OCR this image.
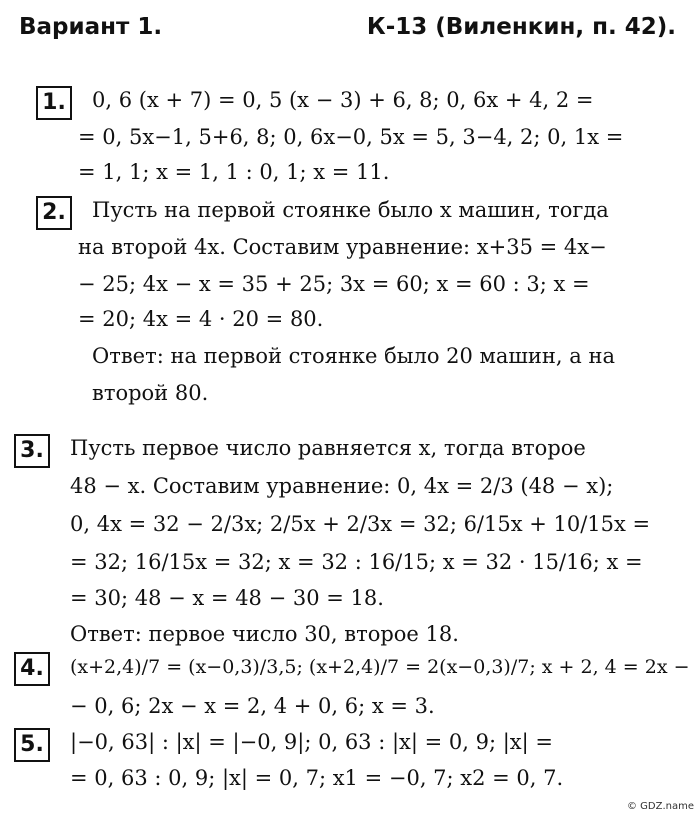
Вариант 1.	К-13 (Виленкин, п. 42).
1. 0, 6 (x + 7) = 0, 5 (x − 3) + 6, 8; 0, 6x + 4, 2 =
= 0, 5x−1, 5+6, 8; 0, 6x−0, 5x = 5, 3−4, 2; 0, 1x =
= 1, 1; x = 1, 1 : 0, 1; x = 11.
2. Пусть на первой стоянке было x машин, тогда
на второй 4x. Составим уравнение: x+35 = 4x−
− 25; 4x − x = 35 + 25; 3x = 60; x = 60 : 3; x =
= 20; 4x = 4 · 20 = 80.
Ответ: на первой стоянке было 20 машин, а на
второй 80.
3. Пусть первое число равняется x, тогда второе
48 − x. Составим уравнение: 0, 4x = 2/3 (48 − x);
0, 4x = 32 − 2/3x; 2/5x + 2/3x = 32; 6/15x + 10/15x =
= 32; 16/15x = 32; x = 32 : 16/15; x = 32 · 15/16; x =
= 30; 48 − x = 48 − 30 = 18.
Ответ: первое число 30, второе 18.
4.	(x+2,4)/7 = (x−0,3)/3,5; (x+2,4)/7 = 2(x−0,3)/7; x + 2, 4 = 2x −
− 0, 6; 2x − x = 2, 4 + 0, 6; x = 3.
5. |−0, 63| : |x| = |−0, 9|; 0, 63 : |x| = 0, 9; |x| =
= 0, 63 : 0, 9; |x| = 0, 7; x1 = −0, 7; x2 = 0, 7.
© GDZ.name
